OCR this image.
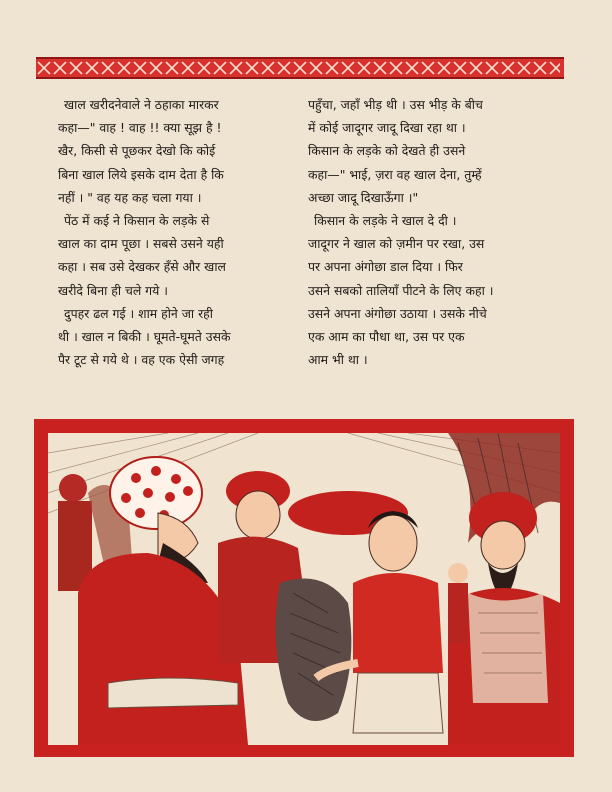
खाल खरीदनेवाले ने ठहाका मारकर
कहा—" वाह ! वाह !! क्या सूझ है !
खैर, किसी से पूछकर देखो कि कोई
बिना खाल लिये इसके दाम देता है कि
नहीं । " वह यह कह चला गया ।

पेंठ में कई ने किसान के लड़के से
खाल का दाम पूछा । सबसे उसने यही
कहा । सब उसे देखकर हँसे और खाल
खरीदे बिना ही चले गये ।

दुपहर ढल गई । शाम होने जा रही
थी । खाल न बिकी । घूमते-घूमते उसके
पैर टूट से गये थे । वह एक ऐसी जगह

पहुँचा, जहाँ भीड़ थी । उस भीड़ के बीच
में कोई जादूगर जादू दिखा रहा था ।
किसान के लड़के को देखते ही उसने
कहा—" भाई, ज़रा वह खाल देना, तुम्हें
अच्छा जादू दिखाऊँगा ।"

किसान के लड़के ने खाल दे दी ।
जादूगर ने खाल को ज़मीन पर रखा, उस
पर अपना अंगोछा डाल दिया । फिर
उसने सबको तालियाँ पीटने के लिए कहा ।
उसने अपना अंगोछा उठाया । उसके नीचे
एक आम का पौधा था, उस पर एक
आम भी था ।
